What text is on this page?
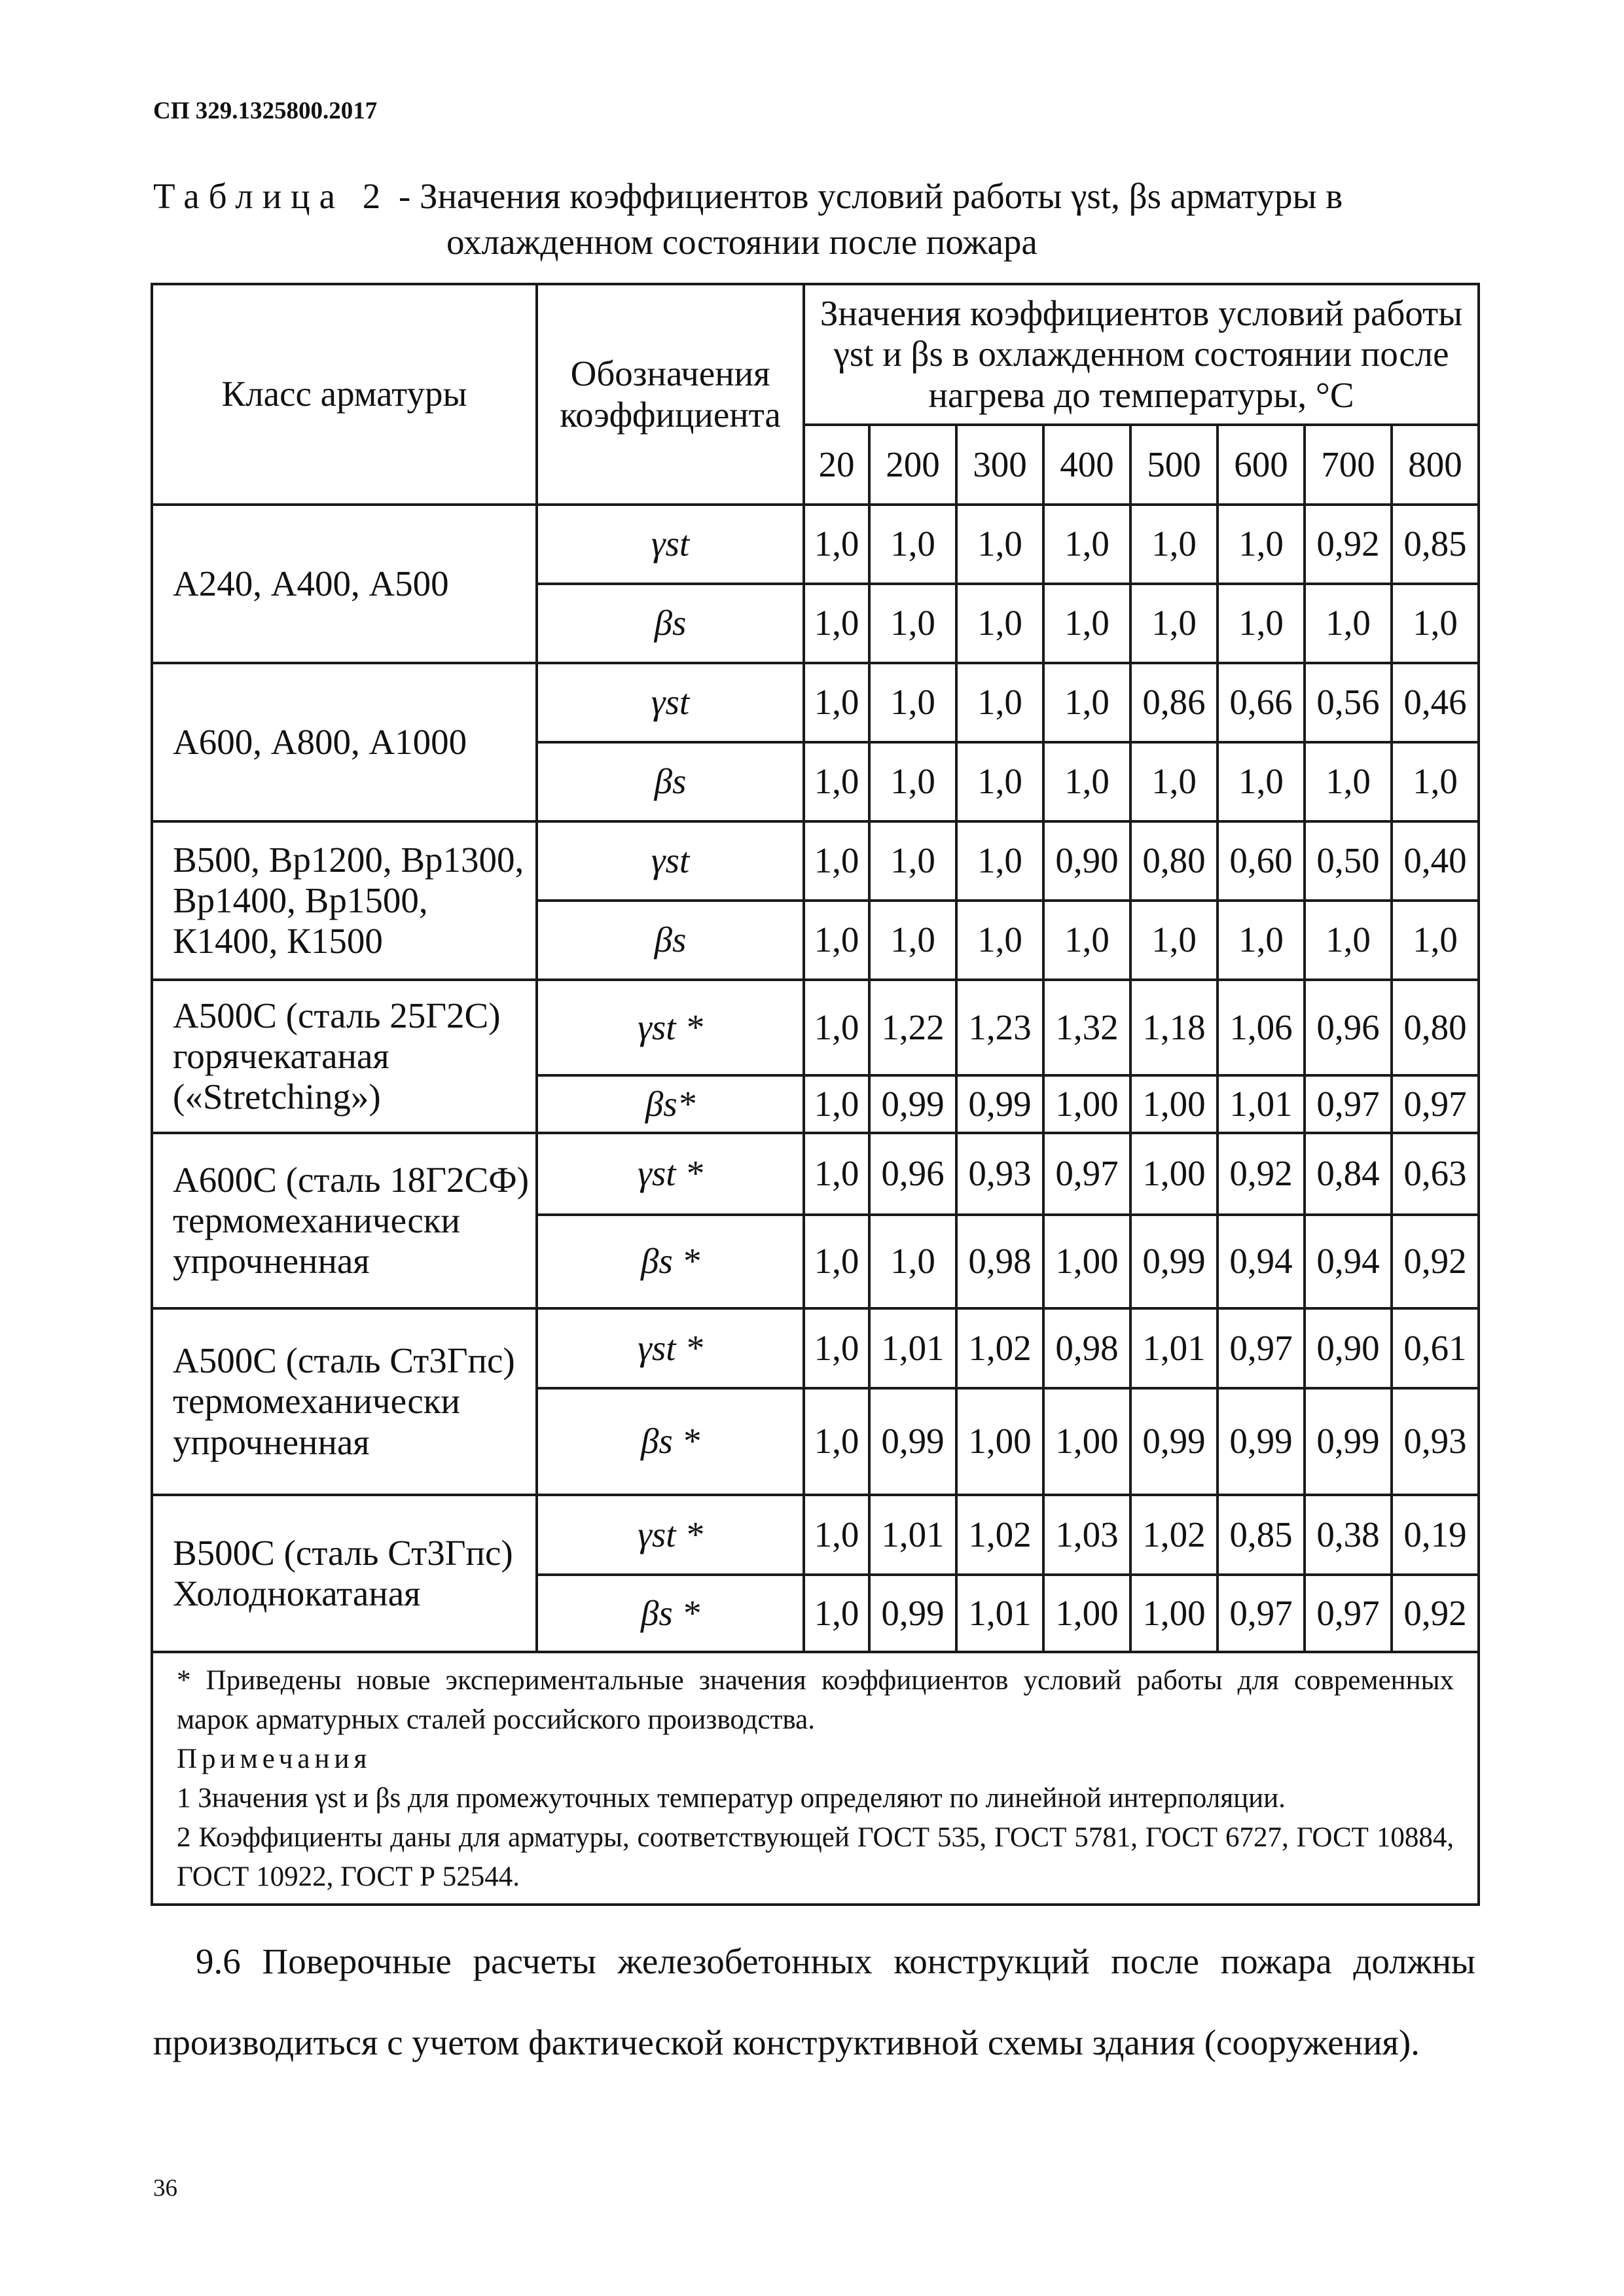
СП 329.1325800.2017
Таблица 2 - Значения коэффициентов условий работы γst, βs арматуры в
охлажденном состоянии после пожара
Класс арматуры	Обозначения коэффициента	Значения коэффициентов условий работы γst и βs в охлажденном состоянии после нагрева до температуры, °C							
		20	200	300	400	500	600	700	800
А240, А400, А500	γst	1,0	1,0	1,0	1,0	1,0	1,0	0,92	0,85
	βs	1,0	1,0	1,0	1,0	1,0	1,0	1,0	1,0
А600, А800, А1000	γst	1,0	1,0	1,0	1,0	0,86	0,66	0,56	0,46
	βs	1,0	1,0	1,0	1,0	1,0	1,0	1,0	1,0
В500, Вр1200, Вр1300, Вр1400, Вр1500, К1400, К1500	γst	1,0	1,0	1,0	0,90	0,80	0,60	0,50	0,40
	βs	1,0	1,0	1,0	1,0	1,0	1,0	1,0	1,0
А500С (сталь 25Г2С) горячекатаная («Stretching»)	γst *	1,0	1,22	1,23	1,32	1,18	1,06	0,96	0,80
	βs*	1,0	0,99	0,99	1,00	1,00	1,01	0,97	0,97
А600С (сталь 18Г2СФ) термомеханически упрочненная	γst *	1,0	0,96	0,93	0,97	1,00	0,92	0,84	0,63
	βs *	1,0	1,0	0,98	1,00	0,99	0,94	0,94	0,92
А500С (сталь Ст3Гпс) термомеханически упрочненная	γst *	1,0	1,01	1,02	0,98	1,01	0,97	0,90	0,61
	βs *	1,0	0,99	1,00	1,00	0,99	0,99	0,99	0,93
В500С (сталь Ст3Гпс) Холоднокатаная	γst *	1,0	1,01	1,02	1,03	1,02	0,85	0,38	0,19
	βs *	1,0	0,99	1,01	1,00	1,00	0,97	0,97	0,92

* Приведены новые экспериментальные значения коэффициентов условий работы для современных марок арматурных сталей российского производства.

Примечания

1 Значения γst и βs для промежуточных температур определяют по линейной интерполяции.

2 Коэффициенты даны для арматуры, соответствующей ГОСТ 535, ГОСТ 5781, ГОСТ 6727, ГОСТ 10884, ГОСТ 10922, ГОСТ Р 52544.									

9.6 Поверочные расчеты железобетонных конструкций после пожара должны производиться с учетом фактической конструктивной схемы здания (сооружения).

36
